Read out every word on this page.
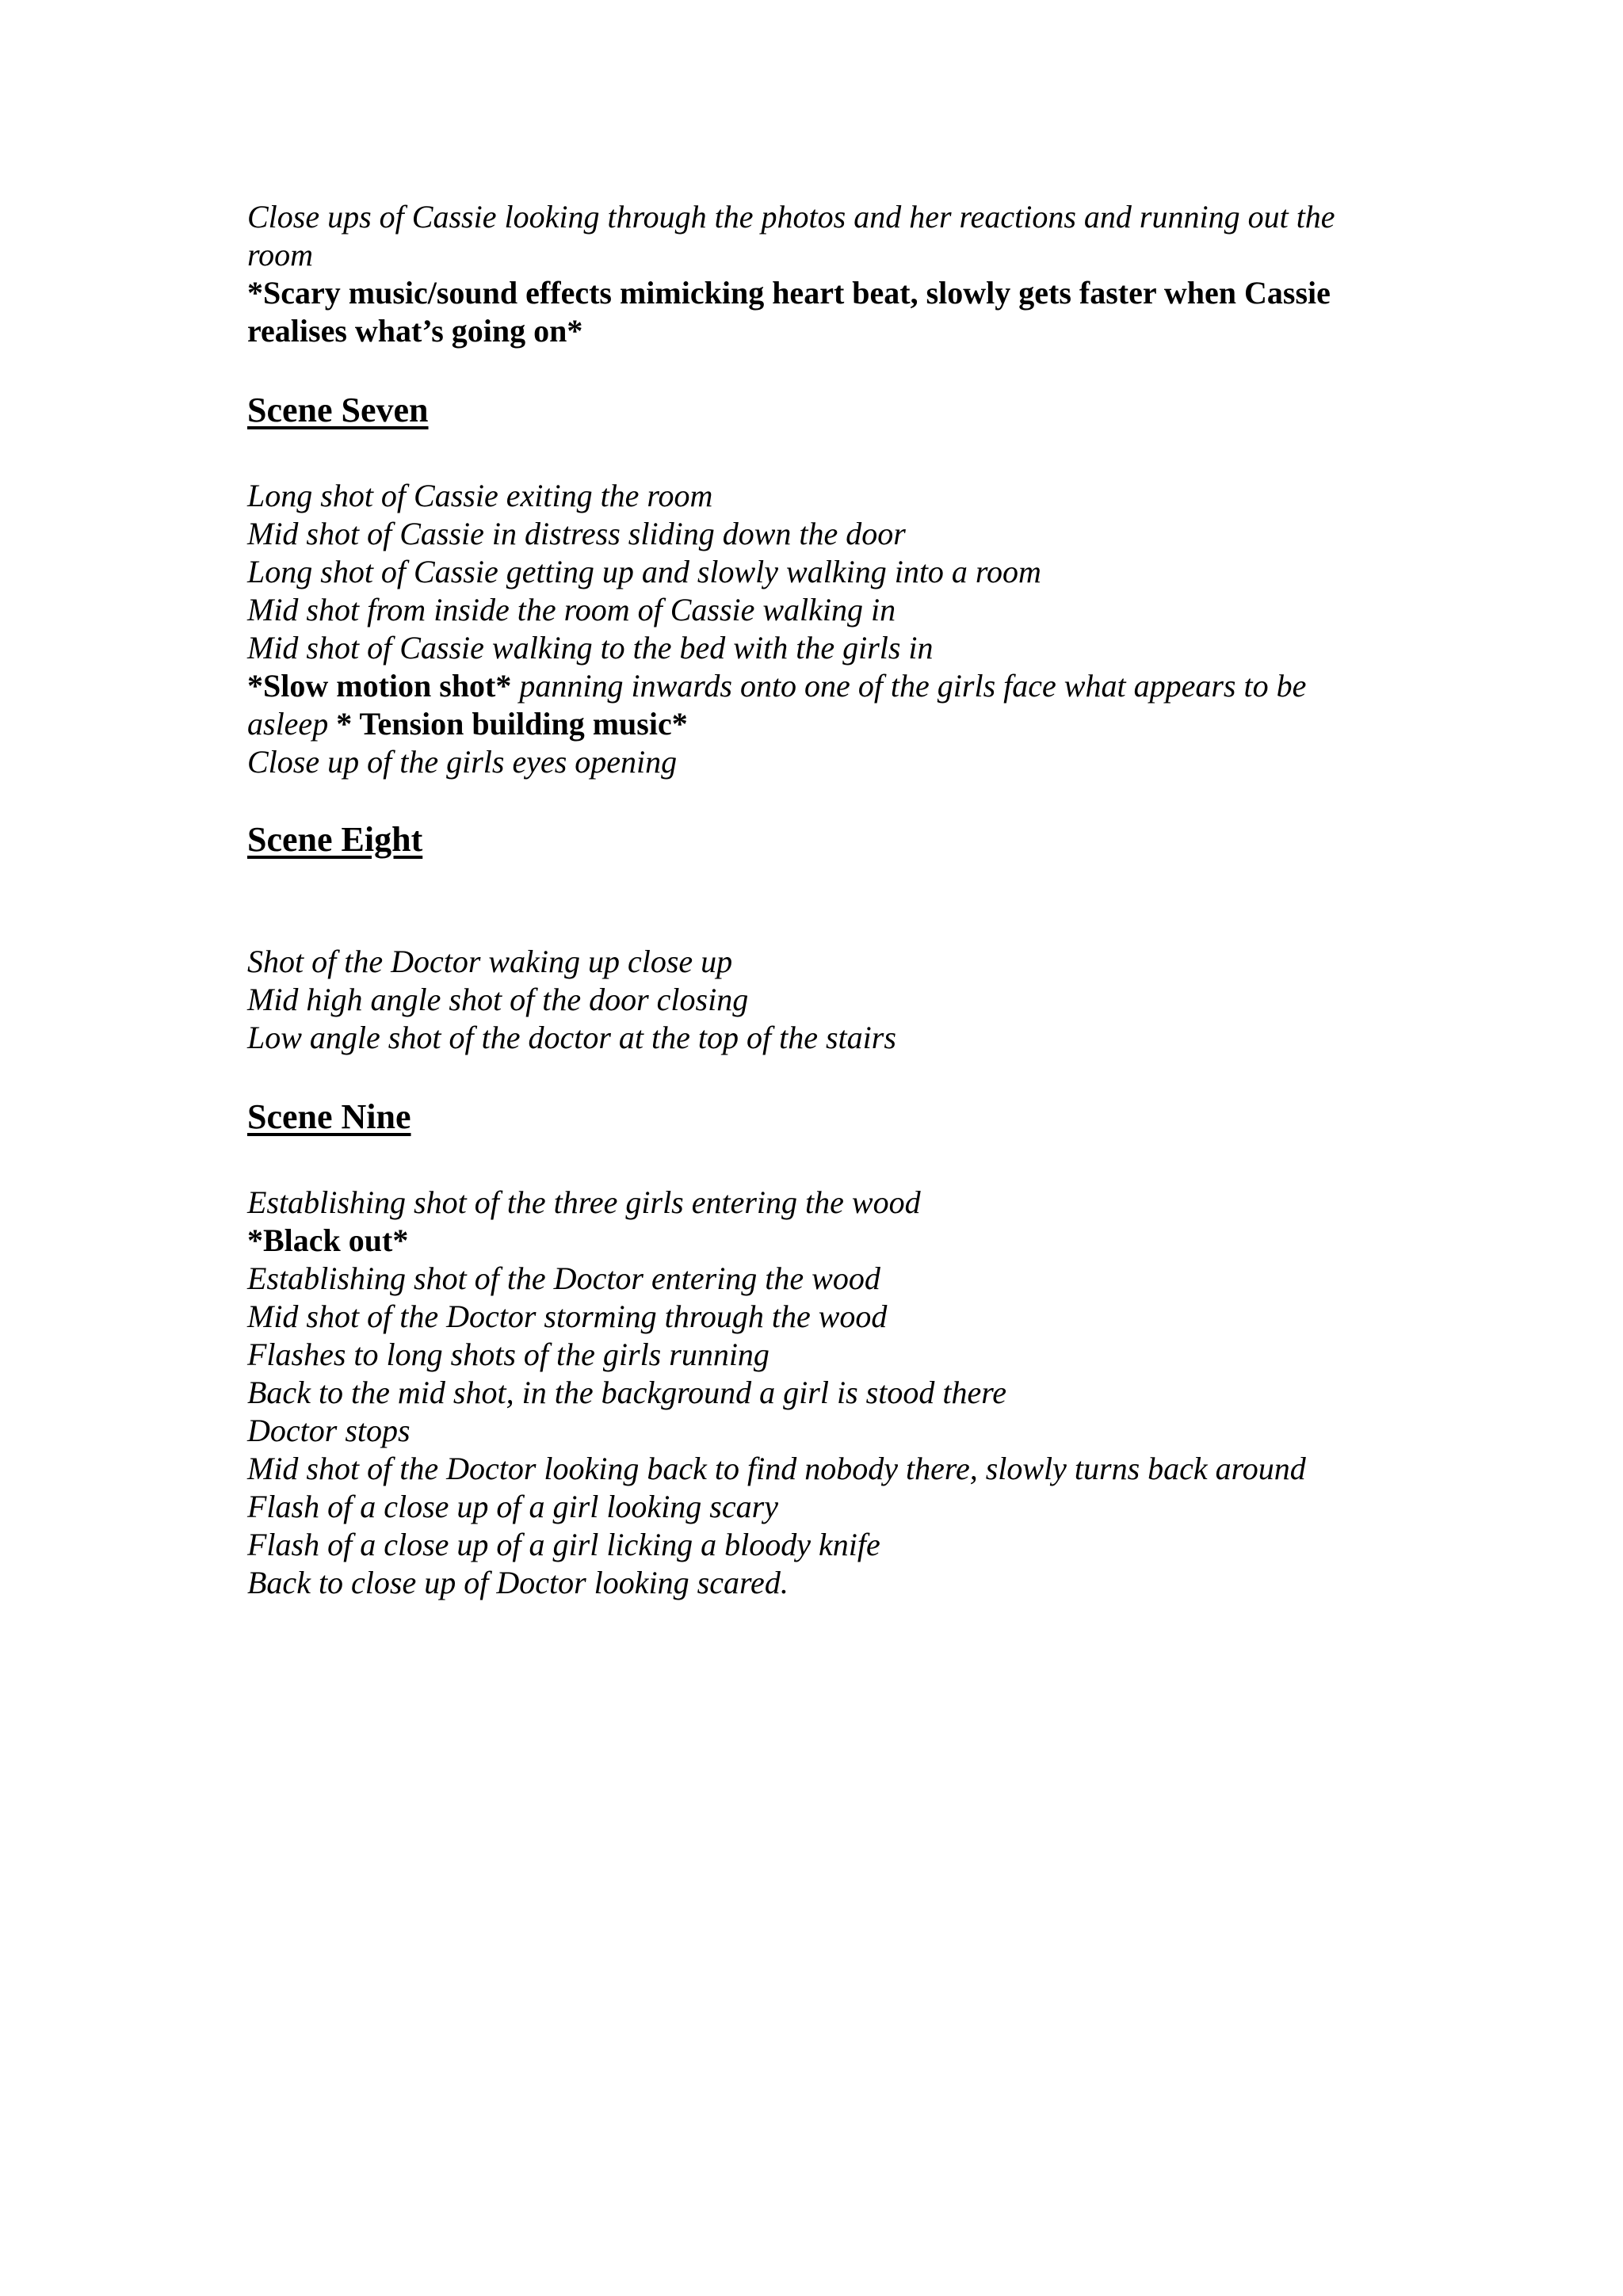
Close ups of Cassie looking through the photos and her reactions and running out the
room
*Scary music/sound effects mimicking heart beat, slowly gets faster when Cassie
realises what’s going on*
Scene Seven
Long shot of Cassie exiting the room
Mid shot of Cassie in distress sliding down the door
Long shot of Cassie getting up and slowly walking into a room
Mid shot from inside the room of Cassie walking in
Mid shot of Cassie walking to the bed with the girls in
*Slow motion shot* panning inwards onto one of the girls face what appears to be
asleep * Tension building music*
Close up of the girls eyes opening
Scene Eight
Shot of the Doctor waking up close up
Mid high angle shot of the door closing
Low angle shot of the doctor at the top of the stairs
Scene Nine
Establishing shot of the three girls entering the wood
*Black out*
Establishing shot of the Doctor entering the wood
Mid shot of the Doctor storming through the wood
Flashes to long shots of the girls running
Back to the mid shot, in the background a girl is stood there
Doctor stops
Mid shot of the Doctor looking back to find nobody there, slowly turns back around
Flash of a close up of a girl looking scary
Flash of a close up of a girl licking a bloody knife
Back to close up of Doctor looking scared.
